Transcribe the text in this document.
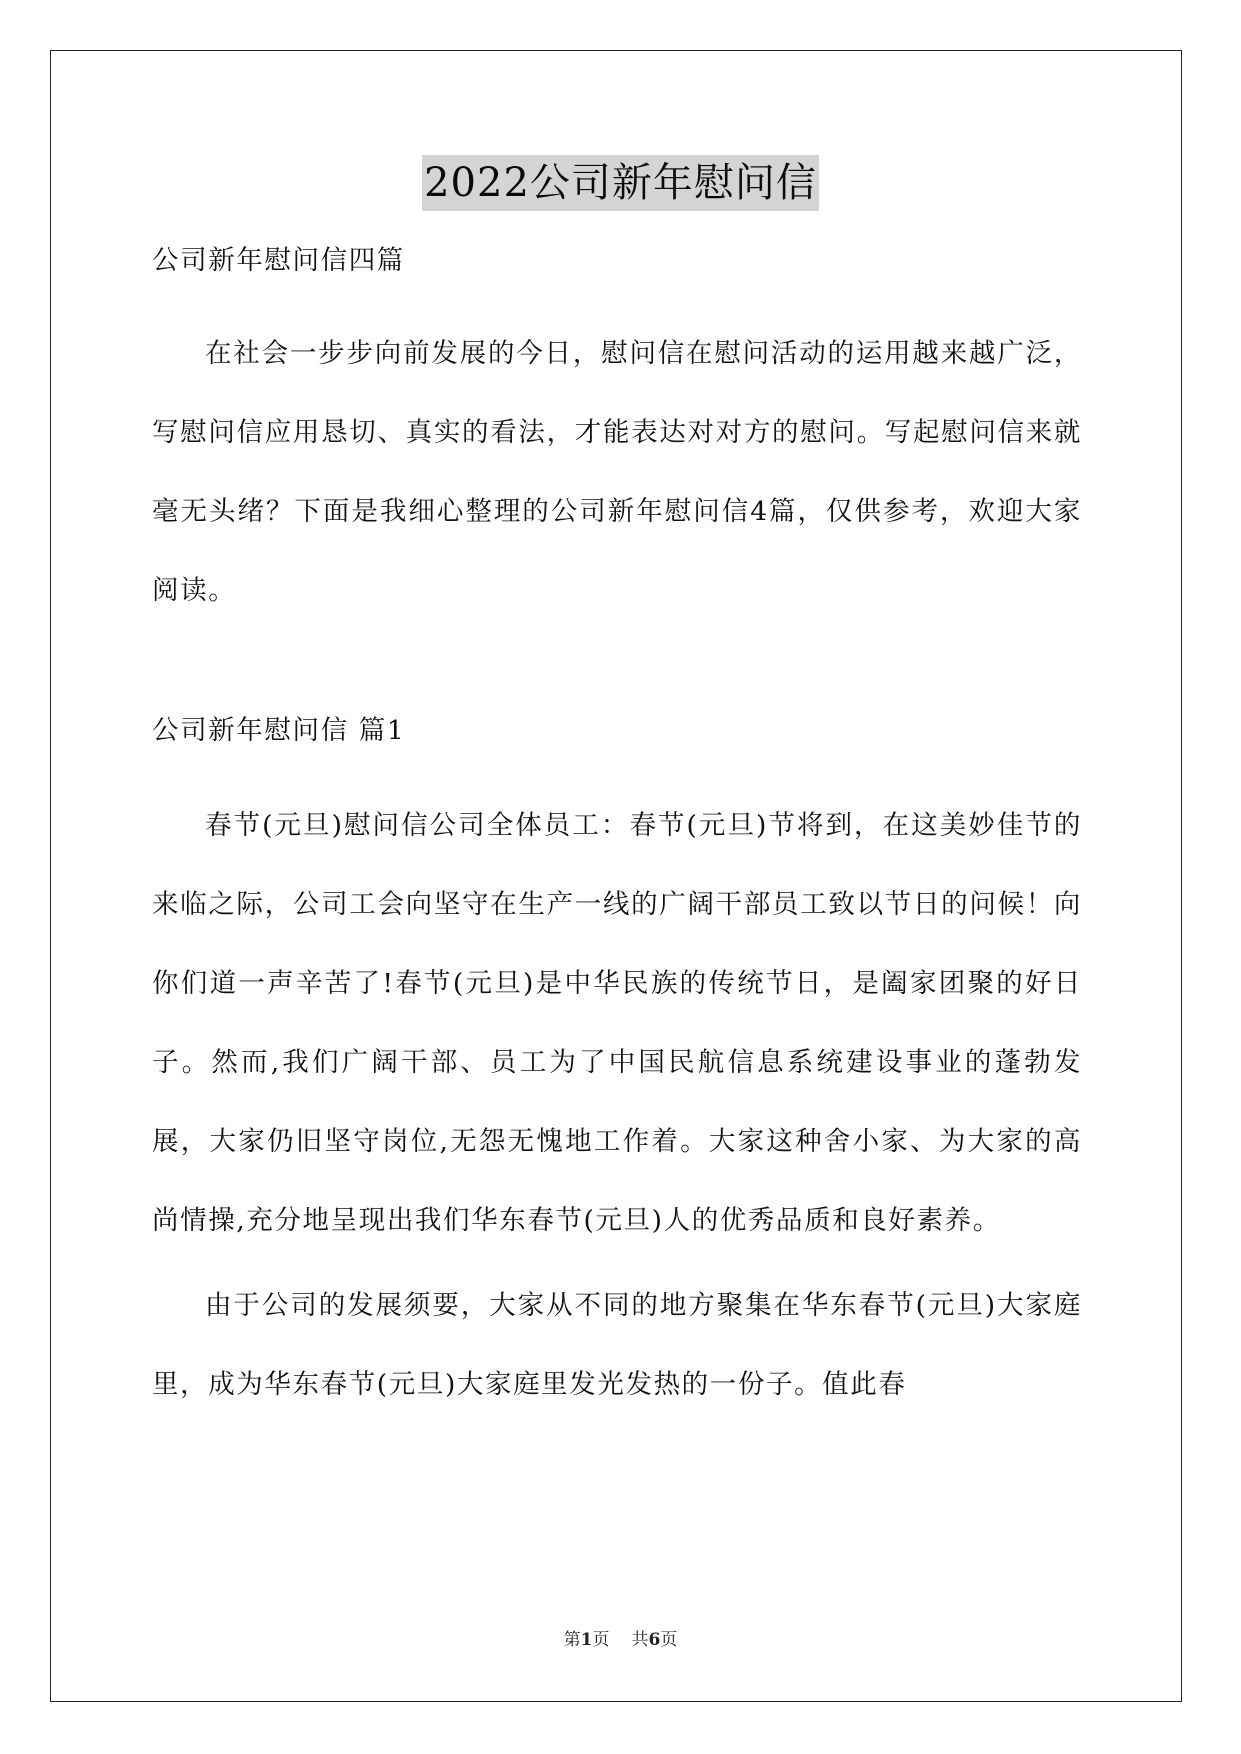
2022公司新年慰问信

公司新年慰问信四篇

在社会一步步向前发展的今日，慰问信在慰问活动的运用越来越广泛，写慰问信应用恳切、真实的看法，才能表达对对方的慰问。写起慰问信来就毫无头绪？下面是我细心整理的公司新年慰问信4篇，仅供参考，欢迎大家阅读。

公司新年慰问信 篇1

春节(元旦)慰问信公司全体员工：春节(元旦)节将到，在这美妙佳节的来临之际，公司工会向坚守在生产一线的广阔干部员工致以节日的问候！向你们道一声辛苦了!春节(元旦)是中华民族的传统节日，是阖家团聚的好日子。然而,我们广阔干部、员工为了中国民航信息系统建设事业的蓬勃发展，大家仍旧坚守岗位,无怨无愧地工作着。大家这种舍小家、为大家的高尚情操,充分地呈现出我们华东春节(元旦)人的优秀品质和良好素养。

由于公司的发展须要，大家从不同的地方聚集在华东春节(元旦)大家庭里，成为华东春节(元旦)大家庭里发光发热的一份子。值此春

第1页 共6页
